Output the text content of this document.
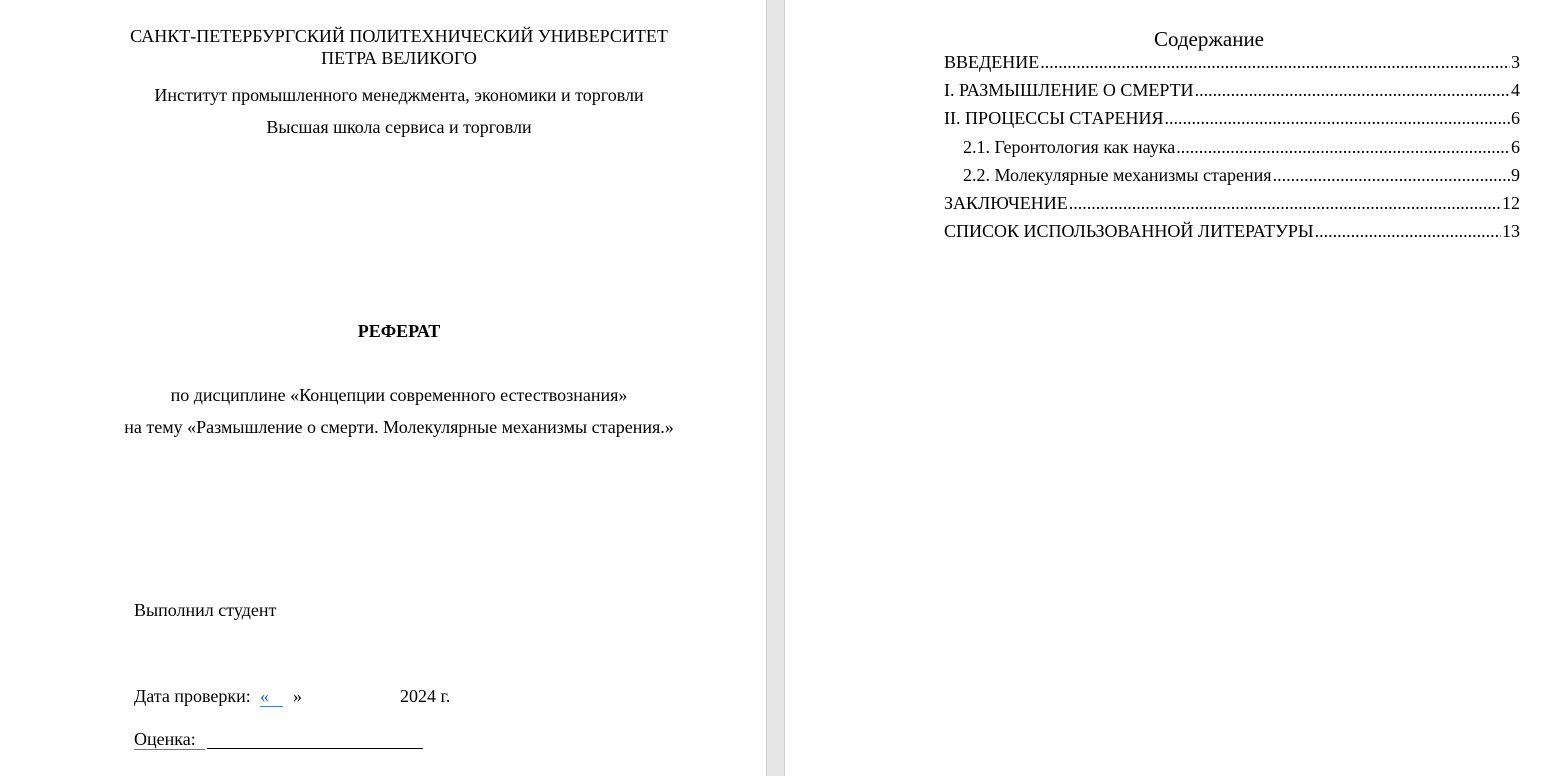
САНКТ-ПЕТЕРБУРГСКИЙ ПОЛИТЕХНИЧЕСКИЙ УНИВЕРСИТЕТ
ПЕТРА ВЕЛИКОГО
Институт промышленного менеджмента, экономики и торговли
Высшая школа сервиса и торговли
РЕФЕРАТ
по дисциплине «Концепции современного естествознания»
на тему «Размышление о смерти. Молекулярные механизмы старения.»
Выполнил студент
Дата проверки: «	»	2024 г.
Оценка:
Содержание
ВВЕДЕНИЕ .....	3
I. РАЗМЫШЛЕНИЕ О СМЕРТИ .....	4
II. ПРОЦЕССЫ СТАРЕНИЯ .....	6
2.1. Геронтология как наука .....	6
2.2. Молекулярные механизмы старения .....	9
ЗАКЛЮЧЕНИЕ .....	12
СПИСОК ИСПОЛЬЗОВАННОЙ ЛИТЕРАТУРЫ .....	13
